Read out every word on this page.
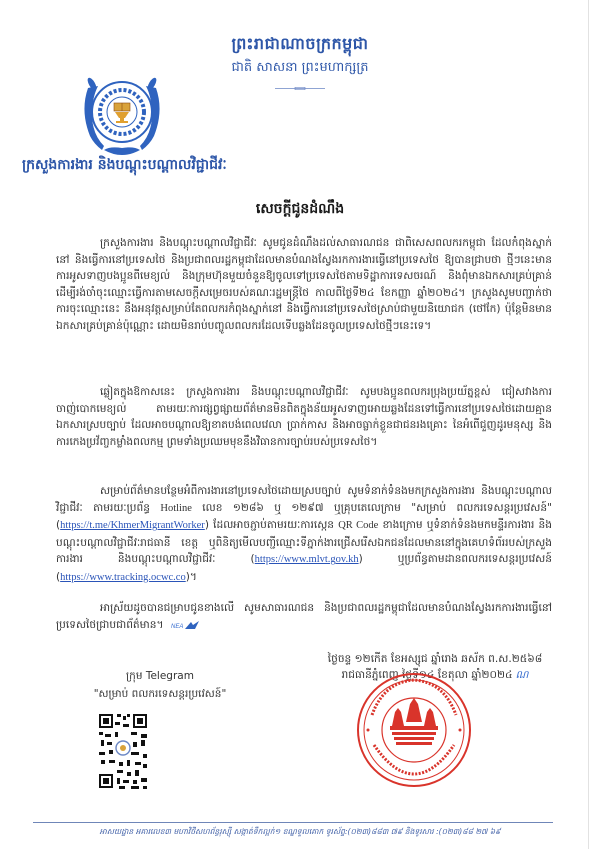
ព្រះរាជាណាចក្រកម្ពុជា
ជាតិ សាសនា ព្រះមហាក្សត្រ
ក្រសួងការងារ និងបណ្តុះបណ្តាលវិជ្ជាជីវៈ
សេចក្តីជូនដំណឹង
ក្រសួងការងារ និងបណ្តុះបណ្តាលវិជ្ជាជីវៈ សូមជូនដំណឹងដល់សាធារណជន ជាពិសេសពលករកម្ពុជា ដែលកំពុងស្នាក់នៅ និងធ្វើការនៅប្រទេសថៃ និងប្រជាពលរដ្ឋកម្ពុជាដែលមានបំណងស្វែងរកការងារធ្វើនៅប្រទេសថៃ ឱ្យបានជ្រាបថា ថ្មីៗនេះមានការអូសទាញបងប្អូនពីមេខ្យល់ និងក្រុមហ៊ុនមួយចំនួនឱ្យចូលទៅប្រទេសថៃតាមទិដ្ឋាការទេសចរណ៍ និងពុំមានឯកសារគ្រប់គ្រាន់ ដើម្បីរង់ចាំចុះឈ្មោះធ្វើការតាមសេចក្តីសម្រេចរបស់គណៈរដ្ឋមន្ត្រីថៃ កាលពីថ្ងៃទី២៤ ខែកញ្ញា ឆ្នាំ២០២៤។ ក្រសួងសូមបញ្ជាក់ថាការចុះឈ្មោះនេះ នឹងអនុវត្តសម្រាប់តែពលករកំពុងស្នាក់នៅ និងធ្វើការនៅប្រទេសថៃស្រាប់ជាមួយនិយោជក (ថៅកែ) ប៉ុន្តែមិនមានឯកសារគ្រប់គ្រាន់ប៉ុណ្ណោះ ដោយមិនរាប់បញ្ចូលពលករដែលទើបឆ្លងដែនចូលប្រទេសថៃថ្មីៗនេះទេ។
ឆ្លៀតក្នុងឱកាសនេះ ក្រសួងការងារ និងបណ្តុះបណ្តាលវិជ្ជាជីវៈ សូមបងប្អូនពលករប្រុងប្រយ័ត្នខ្ពស់ ជៀសវាងការចាញ់បោកមេខ្យល់ តាមរយៈការផ្សព្វផ្សាយព័ត៌មានមិនពិតក្នុងន័យអូសទាញអោយឆ្លងដែនទៅធ្វើការនៅប្រទេសថៃដោយគ្មានឯកសារស្របច្បាប់ ដែលអាចបណ្តាលឱ្យខាតបង់ពេលវេលា ប្រាក់កាស និងអាចធ្លាក់ខ្លួនជាជនរងគ្រោះ នៃអំពើជួញដូរមនុស្ស និងការកេងប្រវ័ញ្ចកម្លាំងពលកម្ម ព្រមទាំងប្រឈមមុខនឹងវិធានការច្បាប់របស់ប្រទេសថៃ។
សម្រាប់ព័ត៌មានបន្ថែមអំពីការងារនៅប្រទេសថៃដោយស្របច្បាប់ សូមទំនាក់ទំនងមកក្រសួងការងារ និងបណ្តុះបណ្តាលវិជ្ជាជីវៈ តាមរយៈប្រព័ន្ធ Hotline លេខ ១២៨៦ ឬ ១២៩៧ ឬគ្រុបតេលេក្រាម "សម្រាប់ ពលករទេសន្តរប្រវេសន៍"(https://t.me/KhmerMigrantWorker) ដែលអាចភ្ជាប់តាមរយៈការស្កេន QR Code ខាងក្រោម ឬទំនាក់ទំនងមកមន្ទីរការងារ និងបណ្តុះបណ្តាលវិជ្ជាជីវៈរាជធានី ខេត្ត ឬពិនិត្យមើលបញ្ជីឈ្មោះទីភ្នាក់ងារជ្រើសរើសឯកជនដែលមាននៅក្នុងគេហទំព័ររបស់ក្រសួងការងារ និងបណ្តុះបណ្តាលវិជ្ជាជីវៈ (https://www.mlvt.gov.kh) ឬប្រព័ន្ធតាមដានពលករទេសន្តរប្រវេសន៍ (https://www.tracking.ocwc.co)។
អាស្រ័យដូចបានជម្រាបជូនខាងលើ សូមសាធារណជន និងប្រជាពលរដ្ឋកម្ពុជាដែលមានបំណងស្វែងរកការងារធ្វើនៅប្រទេសថៃជ្រាបជាព័ត៌មាន។ NEA
ថ្ងៃចន្ទ ១២កើត ខែអស្សុជ ឆ្នាំរោង ឆស័ក ព.ស.២៥៦៨
រាជធានីភ្នំពេញ ថ្ងៃទី១៤ ខែតុលា ឆ្នាំ២០២៤ ណ
ក្រុម Telegram
"សម្រាប់ ពលករទេសន្តរប្រវេសន៍"
អាសយដ្ឋាន អគារលេខ៣ មហាវិថីសហព័ន្ធរុស្ស៊ី សង្កាត់ទឹកល្អក់១ ខណ្ឌទួលគោក ទូរស័ព្ទ:(០២៣)៨៨៣ ៧៩ និងទូរសារ :(០២៣)៨៨ ២៧ ៦៩
